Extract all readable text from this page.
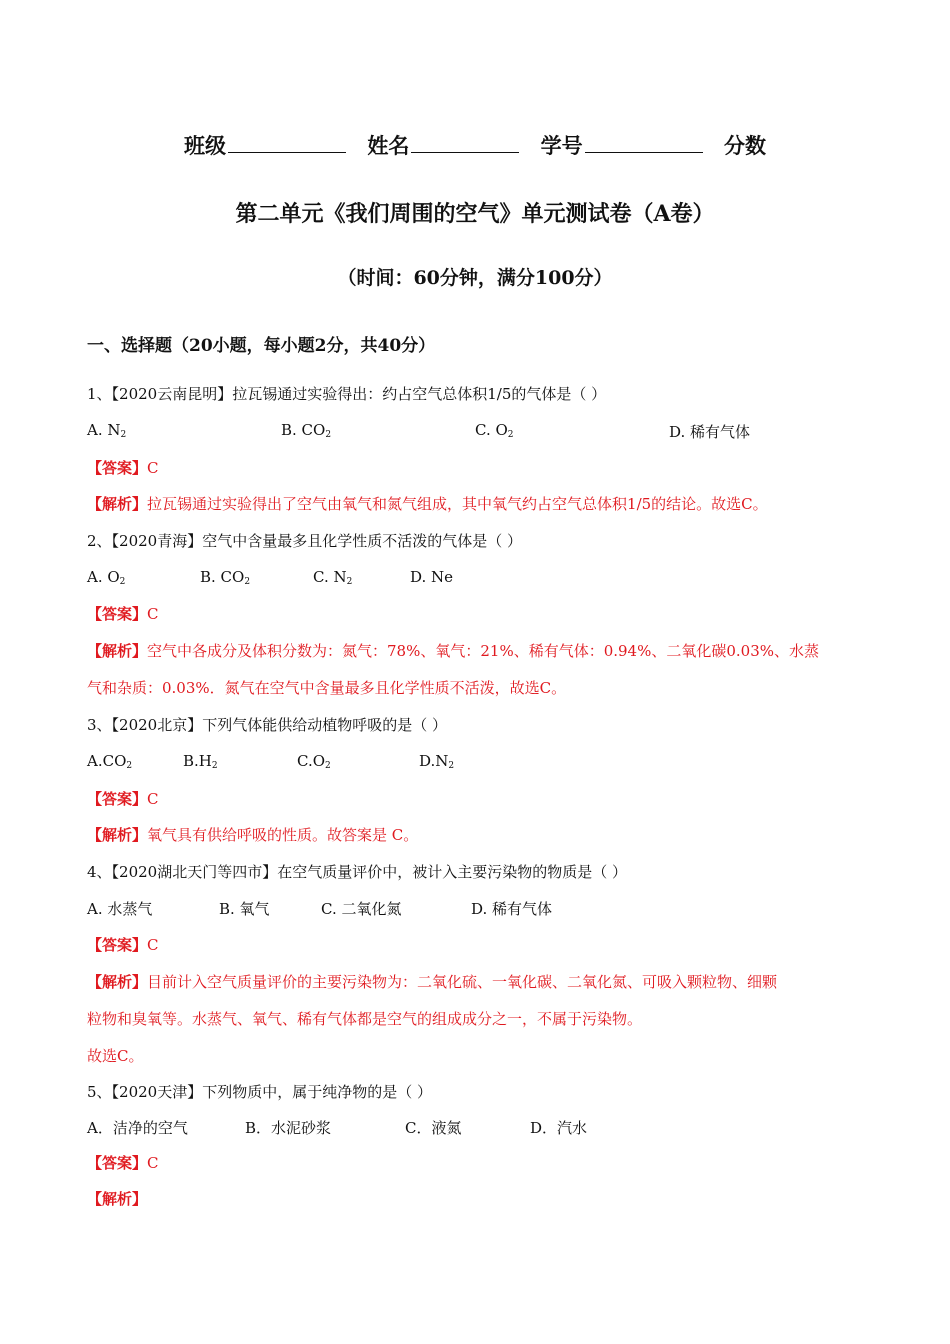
班级	姓名	学号	分数
第二单元《我们周围的空气》单元测试卷（A卷）
（时间：60分钟，满分100分）
一、选择题（20小题，每小题2分，共40分）
1、【2020云南昆明】拉瓦锡通过实验得出：约占空气总体积1/5的气体是（ ）
A. $N_2$	B. $CO_2$	C. $O_2$	D. 稀有气体
【答案】C
【解析】拉瓦锡通过实验得出了空气由氧气和氮气组成，其中氧气约占空气总体积1/5的结论。故选C。
2、【2020青海】空气中含量最多且化学性质不活泼的气体是（ ）
A. $O_2$	B. $CO_2$	C. $N_2$	D. Ne
【答案】C
【解析】空气中各成分及体积分数为：氮气：78%、氧气：21%、稀有气体：0.94%、二氧化碳0.03%、水蒸
气和杂质：0.03%．氮气在空气中含量最多且化学性质不活泼，故选C。
3、【2020北京】下列气体能供给动植物呼吸的是（ ）
$A.CO_2$	$B.H_2$	$C.O_2$	$D.N_2$
【答案】C
【解析】氧气具有供给呼吸的性质。故答案是 C。
4、【2020湖北天门等四市】在空气质量评价中，被计入主要污染物的物质是（ ）
A. 水蒸气	B. 氧气	C. 二氧化氮	D. 稀有气体
【答案】C
【解析】目前计入空气质量评价的主要污染物为：二氧化硫、一氧化碳、二氧化氮、可吸入颗粒物、细颗
粒物和臭氧等。水蒸气、氧气、稀有气体都是空气的组成成分之一，不属于污染物。
故选C。
5、【2020天津】下列物质中，属于纯净物的是（ ）
A．洁净的空气	B．水泥砂浆	C．液氮	D．汽水
【答案】C
【解析】
